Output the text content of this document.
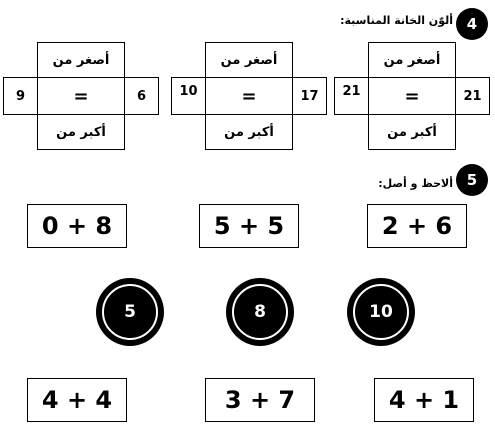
4
ألوّن الخانة المناسبة:
أصغر من
9	=	6
أكبر من
أصغر من
10	=	17
أكبر من
أصغر من
21	=	21
أكبر من
5
ألاحظ و أصل:
0 + 8	5 + 5	2 + 6
5	8	10
4 + 4	3 + 7	4 + 1
